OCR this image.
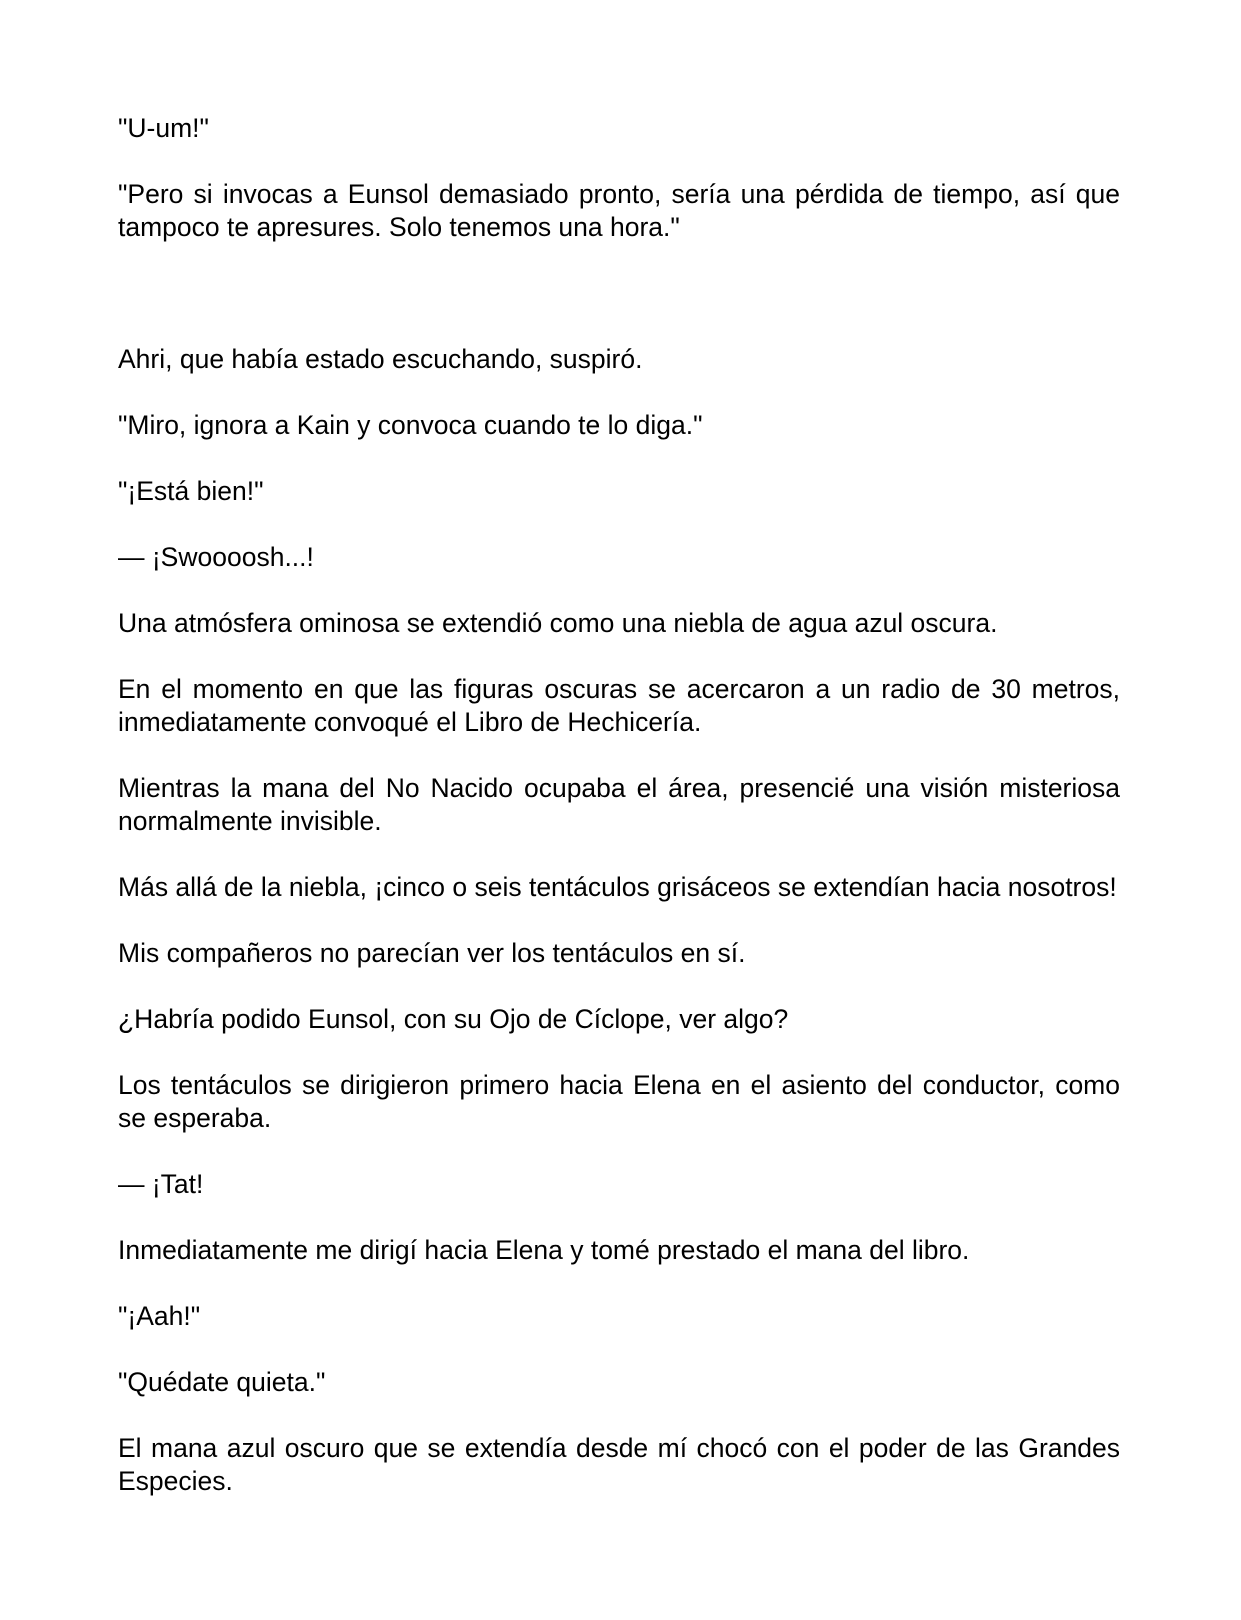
"U-um!"

"Pero si invocas a Eunsol demasiado pronto, sería una pérdida de tiempo, así que tampoco te apresures. Solo tenemos una hora."

Ahri, que había estado escuchando, suspiró.

"Miro, ignora a Kain y convoca cuando te lo diga."

"¡Está bien!"

— ¡Swoooosh...!

Una atmósfera ominosa se extendió como una niebla de agua azul oscura.

En el momento en que las figuras oscuras se acercaron a un radio de 30 metros, inmediatamente convoqué el Libro de Hechicería.

Mientras la mana del No Nacido ocupaba el área, presencié una visión misteriosa normalmente invisible.

Más allá de la niebla, ¡cinco o seis tentáculos grisáceos se extendían hacia nosotros!

Mis compañeros no parecían ver los tentáculos en sí.

¿Habría podido Eunsol, con su Ojo de Cíclope, ver algo?

Los tentáculos se dirigieron primero hacia Elena en el asiento del conductor, como se esperaba.

— ¡Tat!

Inmediatamente me dirigí hacia Elena y tomé prestado el mana del libro.

"¡Aah!"

"Quédate quieta."

El mana azul oscuro que se extendía desde mí chocó con el poder de las Grandes Especies.
